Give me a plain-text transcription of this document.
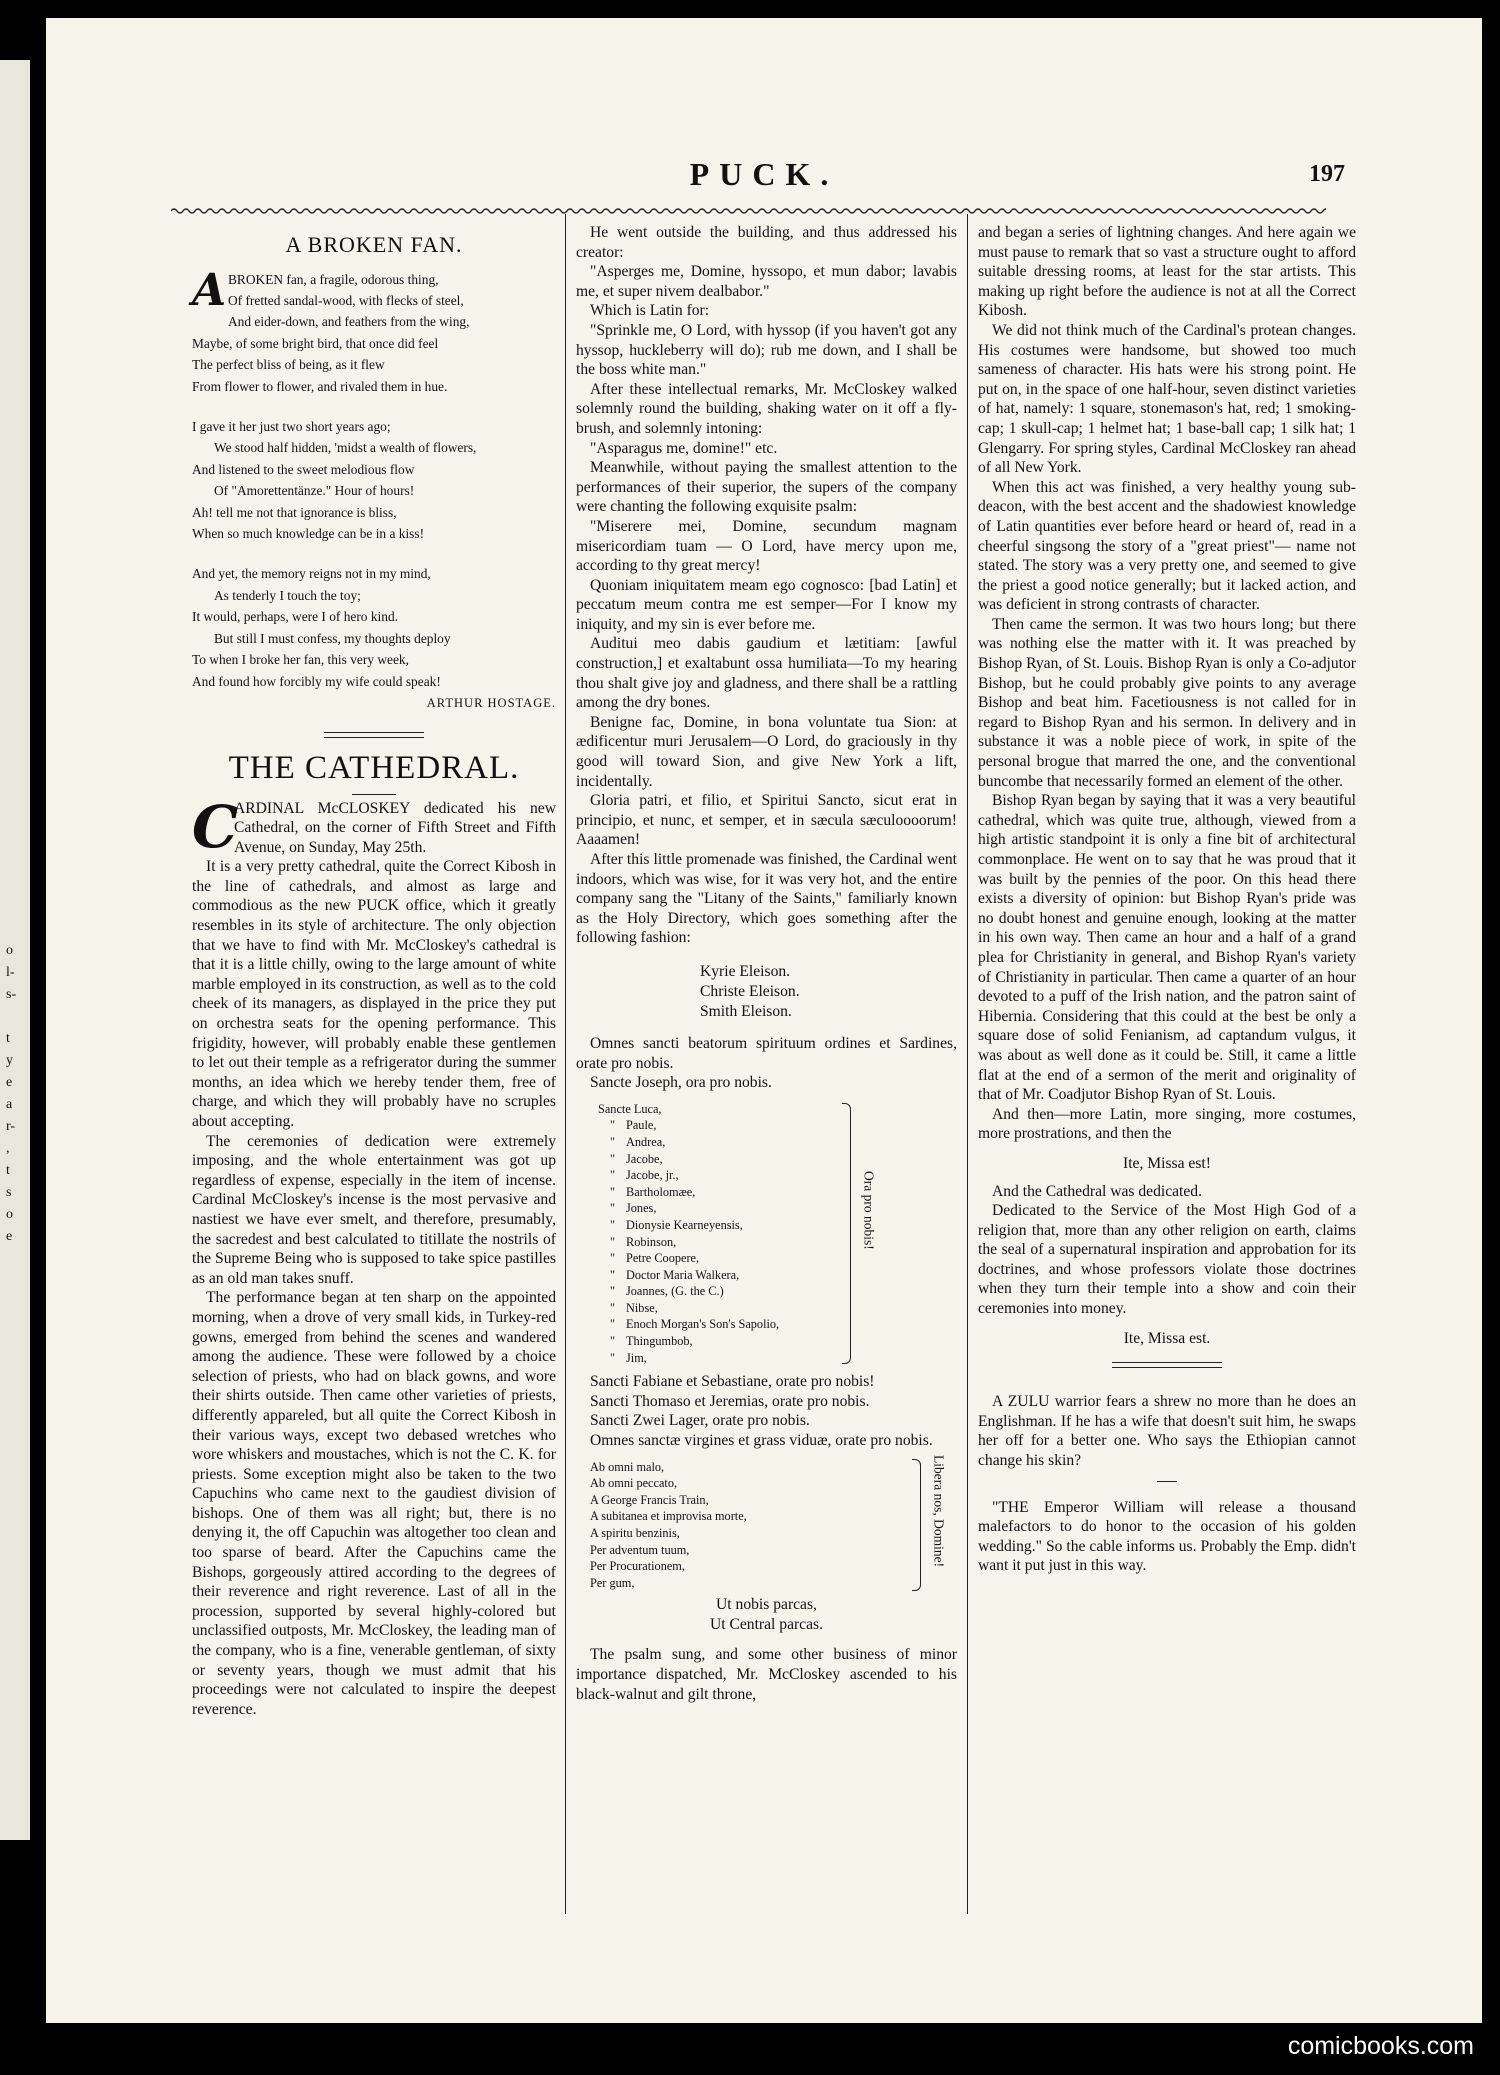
o
l-
s-
t
y
e
a
r-
,
t
s
o
e
PUCK.	197
A BROKEN FAN.
A BROKEN fan, a fragile, odorous thing,
Of fretted sandal-wood, with flecks of steel,
And eider-down, and feathers from the wing,
Maybe, of some bright bird, that once did feel
The perfect bliss of being, as it flew
From flower to flower, and rivaled them in hue.
I gave it her just two short years ago;
We stood half hidden, 'midst a wealth of flowers,
And listened to the sweet melodious flow
Of "Amorettentänze." Hour of hours!
Ah! tell me not that ignorance is bliss,
When so much knowledge can be in a kiss!
And yet, the memory reigns not in my mind,
As tenderly I touch the toy;
It would, perhaps, were I of hero kind.
But still I must confess, my thoughts deploy
To when I broke her fan, this very week,
And found how forcibly my wife could speak!
ARTHUR HOSTAGE.
THE CATHEDRAL.
C

ARDINAL McCLOSKEY dedicated his new Cathedral, on the corner of Fifth Street and Fifth Avenue, on Sunday, May 25th.

It is a very pretty cathedral, quite the Correct Kibosh in the line of cathedrals, and almost as large and commodious as the new PUCK office, which it greatly resembles in its style of architecture. The only objection that we have to find with Mr. McCloskey's cathedral is that it is a little chilly, owing to the large amount of white marble employed in its construction, as well as to the cold cheek of its managers, as displayed in the price they put on orchestra seats for the opening performance. This frigidity, however, will probably enable these gentlemen to let out their temple as a refrigerator during the summer months, an idea which we hereby tender them, free of charge, and which they will probably have no scruples about accepting.

The ceremonies of dedication were extremely imposing, and the whole entertainment was got up regardless of expense, especially in the item of incense. Cardinal McCloskey's incense is the most pervasive and nastiest we have ever smelt, and therefore, presumably, the sacredest and best calculated to titillate the nostrils of the Supreme Being who is supposed to take spice pastilles as an old man takes snuff.

The performance began at ten sharp on the appointed morning, when a drove of very small kids, in Turkey-red gowns, emerged from behind the scenes and wandered among the audience. These were followed by a choice selection of priests, who had on black gowns, and wore their shirts outside. Then came other varieties of priests, differently appareled, but all quite the Correct Kibosh in their various ways, except two debased wretches who wore whiskers and moustaches, which is not the C. K. for priests. Some exception might also be taken to the two Capuchins who came next to the gaudiest division of bishops. One of them was all right; but, there is no denying it, the off Capuchin was altogether too clean and too sparse of beard. After the Capuchins came the Bishops, gorgeously attired according to the degrees of their reverence and right reverence. Last of all in the procession, supported by several highly-colored but unclassified outposts, Mr. McCloskey, the leading man of the company, who is a fine, venerable gentleman, of sixty or seventy years, though we must admit that his proceedings were not calculated to inspire the deepest reverence.

He went outside the building, and thus addressed his creator:

"Asperges me, Domine, hyssopo, et mun dabor; lavabis me, et super nivem dealbabor."

Which is Latin for:

"Sprinkle me, O Lord, with hyssop (if you haven't got any hyssop, huckleberry will do); rub me down, and I shall be the boss white man."

After these intellectual remarks, Mr. McCloskey walked solemnly round the building, shaking water on it off a fly-brush, and solemnly intoning:

"Asparagus me, domine!" etc.

Meanwhile, without paying the smallest attention to the performances of their superior, the supers of the company were chanting the following exquisite psalm:

"Miserere mei, Domine, secundum magnam misericordiam tuam — O Lord, have mercy upon me, according to thy great mercy!

Quoniam iniquitatem meam ego cognosco: [bad Latin] et peccatum meum contra me est semper—For I know my iniquity, and my sin is ever before me.

Auditui meo dabis gaudium et lætitiam: [awful construction,] et exaltabunt ossa humiliata—To my hearing thou shalt give joy and gladness, and there shall be a rattling among the dry bones.

Benigne fac, Domine, in bona voluntate tua Sion: at ædificentur muri Jerusalem—O Lord, do graciously in thy good will toward Sion, and give New York a lift, incidentally.

Gloria patri, et filio, et Spiritui Sancto, sicut erat in principio, et nunc, et semper, et in sæcula sæculoooorum! Aaaamen!

After this little promenade was finished, the Cardinal went indoors, which was wise, for it was very hot, and the entire company sang the "Litany of the Saints," familiarly known as the Holy Directory, which goes something after the following fashion:

Kyrie Eleison.
Christe Eleison.
Smith Eleison.

Omnes sancti beatorum spirituum ordines et Sardines, orate pro nobis.

Sancte Joseph, ora pro nobis.

Sancte Luca,
" Paule,
" Andrea,
" Jacobe,
" Jacobe, jr.,
" Bartholomæe,
" Jones,
" Dionysie Kearneyensis,
" Robinson,
" Petre Coopere,
" Doctor Maria Walkera,
" Joannes, (G. the C.)
" Nibse,
" Enoch Morgan's Son's Sapolio,
" Thingumbob,
" Jim,
Ora pro nobis!

Sancti Fabiane et Sebastiane, orate pro nobis!

Sancti Thomaso et Jeremias, orate pro nobis.

Sancti Zwei Lager, orate pro nobis.

Omnes sanctæ virgines et grass viduæ, orate pro nobis.

Ab omni malo,
Ab omni peccato,
A George Francis Train,
A subitanea et improvisa morte,
A spiritu benzinis,
Per adventum tuum,
Per Procurationem,
Per gum,
Libera nos, Domine!
Ut nobis parcas,
Ut Central parcas.

The psalm sung, and some other business of minor importance dispatched, Mr. McCloskey ascended to his black-walnut and gilt throne,

and began a series of lightning changes. And here again we must pause to remark that so vast a structure ought to afford suitable dressing rooms, at least for the star artists. This making up right before the audience is not at all the Correct Kibosh.

We did not think much of the Cardinal's protean changes. His costumes were handsome, but showed too much sameness of character. His hats were his strong point. He put on, in the space of one half-hour, seven distinct varieties of hat, namely: 1 square, stonemason's hat, red; 1 smoking-cap; 1 skull-cap; 1 helmet hat; 1 base-ball cap; 1 silk hat; 1 Glengarry. For spring styles, Cardinal McCloskey ran ahead of all New York.

When this act was finished, a very healthy young sub-deacon, with the best accent and the shadowiest knowledge of Latin quantities ever before heard or heard of, read in a cheerful singsong the story of a "great priest"— name not stated. The story was a very pretty one, and seemed to give the priest a good notice generally; but it lacked action, and was deficient in strong contrasts of character.

Then came the sermon. It was two hours long; but there was nothing else the matter with it. It was preached by Bishop Ryan, of St. Louis. Bishop Ryan is only a Co-adjutor Bishop, but he could probably give points to any average Bishop and beat him. Facetiousness is not called for in regard to Bishop Ryan and his sermon. In delivery and in substance it was a noble piece of work, in spite of the personal brogue that marred the one, and the conventional buncombe that necessarily formed an element of the other.

Bishop Ryan began by saying that it was a very beautiful cathedral, which was quite true, although, viewed from a high artistic standpoint it is only a fine bit of architectural commonplace. He went on to say that he was proud that it was built by the pennies of the poor. On this head there exists a diversity of opinion: but Bishop Ryan's pride was no doubt honest and genuine enough, looking at the matter in his own way. Then came an hour and a half of a grand plea for Christianity in general, and Bishop Ryan's variety of Christianity in particular. Then came a quarter of an hour devoted to a puff of the Irish nation, and the patron saint of Hibernia. Considering that this could at the best be only a square dose of solid Fenianism, ad captandum vulgus, it was about as well done as it could be. Still, it came a little flat at the end of a sermon of the merit and originality of that of Mr. Coadjutor Bishop Ryan of St. Louis.

And then—more Latin, more singing, more costumes, more prostrations, and then the

Ite, Missa est!

And the Cathedral was dedicated.

Dedicated to the Service of the Most High God of a religion that, more than any other religion on earth, claims the seal of a supernatural inspiration and approbation for its doctrines, and whose professors violate those doctrines when they turn their temple into a show and coin their ceremonies into money.

Ite, Missa est.

A ZULU warrior fears a shrew no more than he does an Englishman. If he has a wife that doesn't suit him, he swaps her off for a better one. Who says the Ethiopian cannot change his skin?

"THE Emperor William will release a thousand malefactors to do honor to the occasion of his golden wedding." So the cable informs us. Probably the Emp. didn't want it put just in this way.

comicbooks.com
